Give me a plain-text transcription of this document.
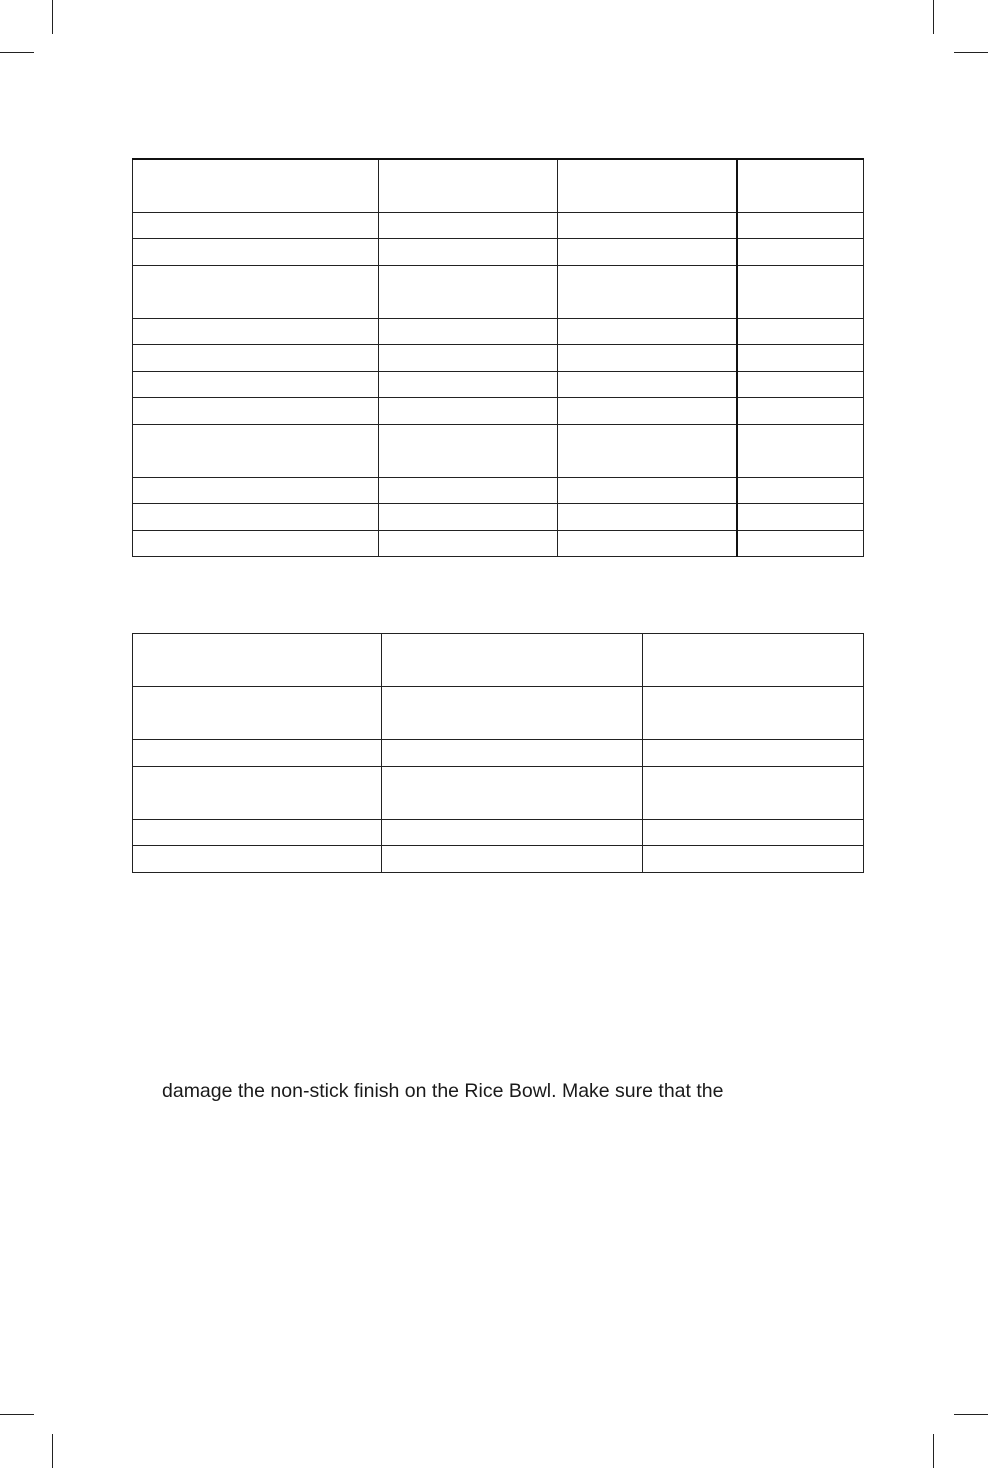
damage the non-stick finish on the Rice Bowl. Make sure that the
